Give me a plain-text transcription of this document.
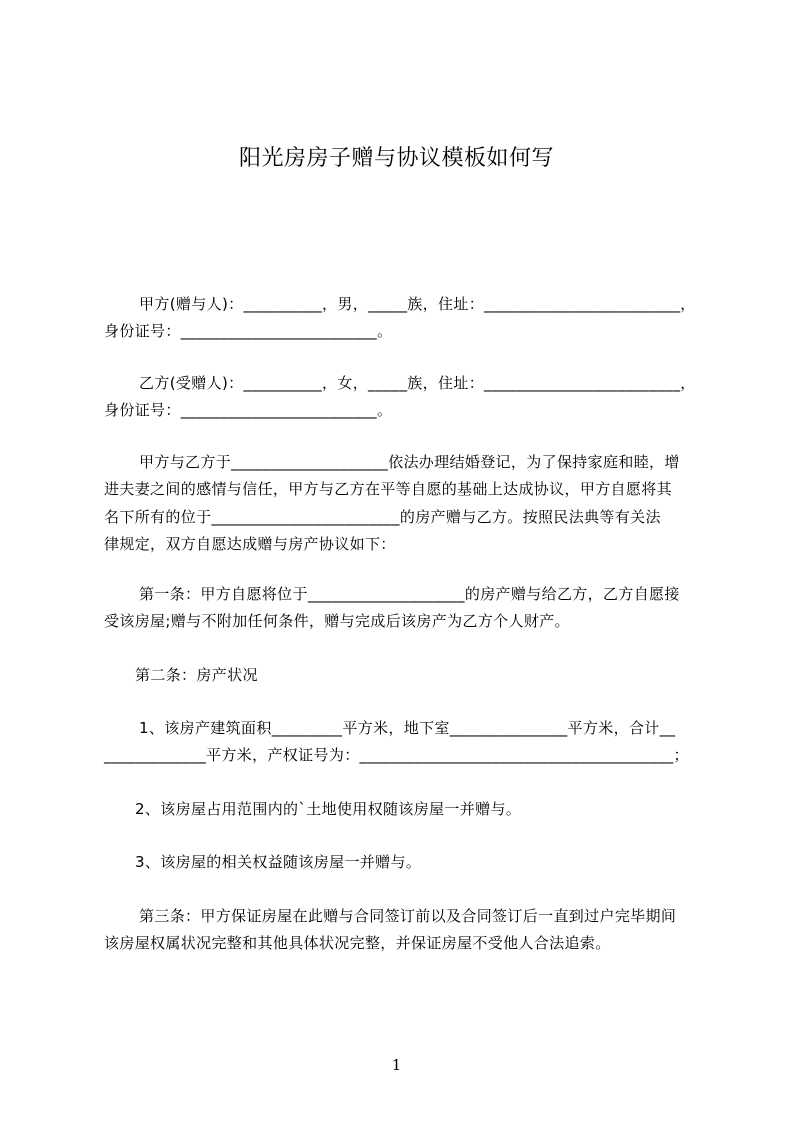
阳光房房子赠与协议模板如何写
甲方(赠与人)：__________，男，_____族，住址：_________________________，
身份证号：_________________________。
乙方(受赠人)：__________，女，_____族，住址：_________________________，
身份证号：_________________________。
甲方与乙方于____________________依法办理结婚登记，为了保持家庭和睦，增
进夫妻之间的感情与信任，甲方与乙方在平等自愿的基础上达成协议，甲方自愿将其
名下所有的位于________________________的房产赠与乙方。按照民法典等有关法
律规定，双方自愿达成赠与房产协议如下：
第一条：甲方自愿将位于____________________的房产赠与给乙方，乙方自愿接
受该房屋;赠与不附加任何条件，赠与完成后该房产为乙方个人财产。
第二条：房产状况
1、该房产建筑面积_________平方米，地下室_______________平方米，合计__
_____________平方米，产权证号为：________________________________________；
2、该房屋占用范围内的`土地使用权随该房屋一并赠与。
3、该房屋的相关权益随该房屋一并赠与。
第三条：甲方保证房屋在此赠与合同签订前以及合同签订后一直到过户完毕期间
该房屋权属状况完整和其他具体状况完整，并保证房屋不受他人合法追索。
1
